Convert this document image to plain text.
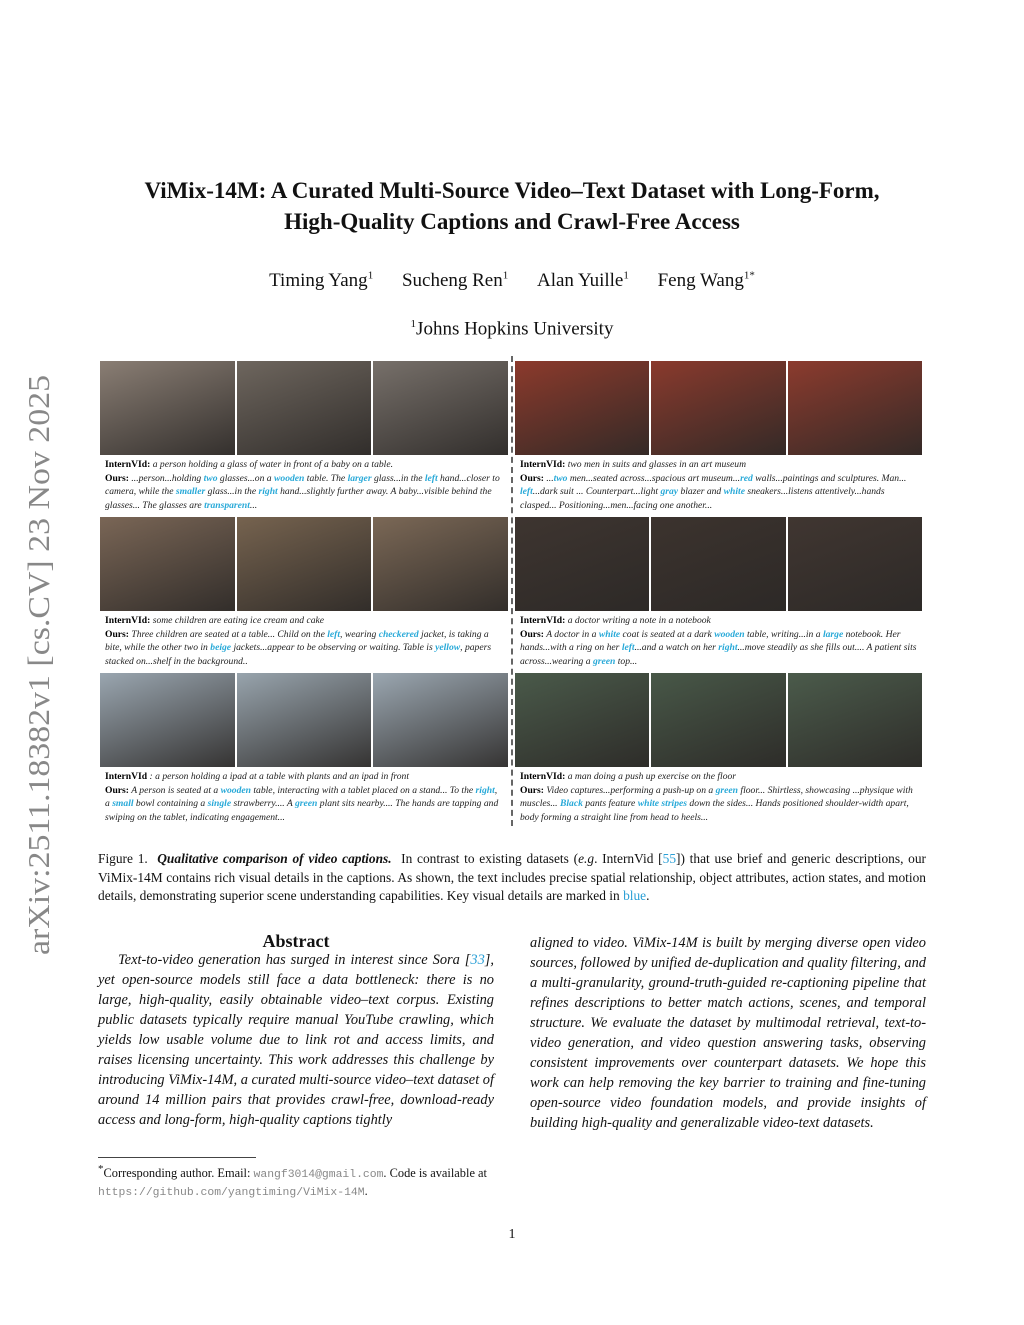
arXiv:2511.18382v1 [cs.CV] 23 Nov 2025
ViMix-14M: A Curated Multi-Source Video–Text Dataset with Long-Form,
High-Quality Captions and Crawl-Free Access
Timing Yang$^1$ Sucheng Ren$^1$ Alan Yuille$^1$ Feng Wang$^{1*}$
$^1$Johns Hopkins University
InternVId: a person holding a glass of water in front of a baby on a table.
Ours: ...person...holding two glasses...on a wooden table. The larger glass...in the left hand...closer to camera, while the smaller glass...in the right hand...slightly further away. A baby...visible behind the glasses... The glasses are transparent...
InternVId: two men in suits and glasses in an art museum
Ours: ...two men...seated across...spacious art museum...red walls...paintings and sculptures. Man... left...dark suit ... Counterpart...light gray blazer and white sneakers...listens attentively...hands clasped... Positioning...men...facing one another...
InternVId: some children are eating ice cream and cake
Ours: Three children are seated at a table... Child on the left, wearing checkered jacket, is taking a bite, while the other two in beige jackets...appear to be observing or waiting. Table is yellow, papers stacked on...shelf in the background..
InternVId: a doctor writing a note in a notebook
Ours: A doctor in a white coat is seated at a dark wooden table, writing...in a large notebook. Her hands...with a ring on her left...and a watch on her right...move steadily as she fills out.... A patient sits across...wearing a green top...
InternVId : a person holding a ipad at a table with plants and an ipad in front
Ours: A person is seated at a wooden table, interacting with a tablet placed on a stand... To the right, a small bowl containing a single strawberry.... A green plant sits nearby.... The hands are tapping and swiping on the tablet, indicating engagement...
InternVId: a man doing a push up exercise on the floor
Ours: Video captures...performing a push-up on a green floor... Shirtless, showcasing ...physique with muscles... Black pants feature white stripes down the sides... Hands positioned shoulder-width apart, body forming a straight line from head to heels...
Figure 1. Qualitative comparison of video captions. In contrast to existing datasets (e.g. InternVid [55]) that use brief and generic descriptions, our ViMix-14M contains rich visual details in the captions. As shown, the text includes precise spatial relationship, object attributes, action states, and motion details, demonstrating superior scene understanding capabilities. Key visual details are marked in blue.
Abstract
Text-to-video generation has surged in interest since Sora [33], yet open-source models still face a data bottleneck: there is no large, high-quality, easily obtainable video–text corpus. Existing public datasets typically require manual YouTube crawling, which yields low usable volume due to link rot and access limits, and raises licensing uncertainty. This work addresses this challenge by introducing ViMix-14M, a curated multi-source video–text dataset of around 14 million pairs that provides crawl-free, download-ready access and long-form, high-quality captions tightly
aligned to video. ViMix-14M is built by merging diverse open video sources, followed by unified de-duplication and quality filtering, and a multi-granularity, ground-truth-guided re-captioning pipeline that refines descriptions to better match actions, scenes, and temporal structure. We evaluate the dataset by multimodal retrieval, text-to-video generation, and video question answering tasks, observing consistent improvements over counterpart datasets. We hope this work can help removing the key barrier to training and fine-tuning open-source video foundation models, and provide insights of building high-quality and generalizable video-text datasets.
*Corresponding author. Email: wangf3014@gmail.com. Code is available at https://github.com/yangtiming/ViMix-14M.
1
